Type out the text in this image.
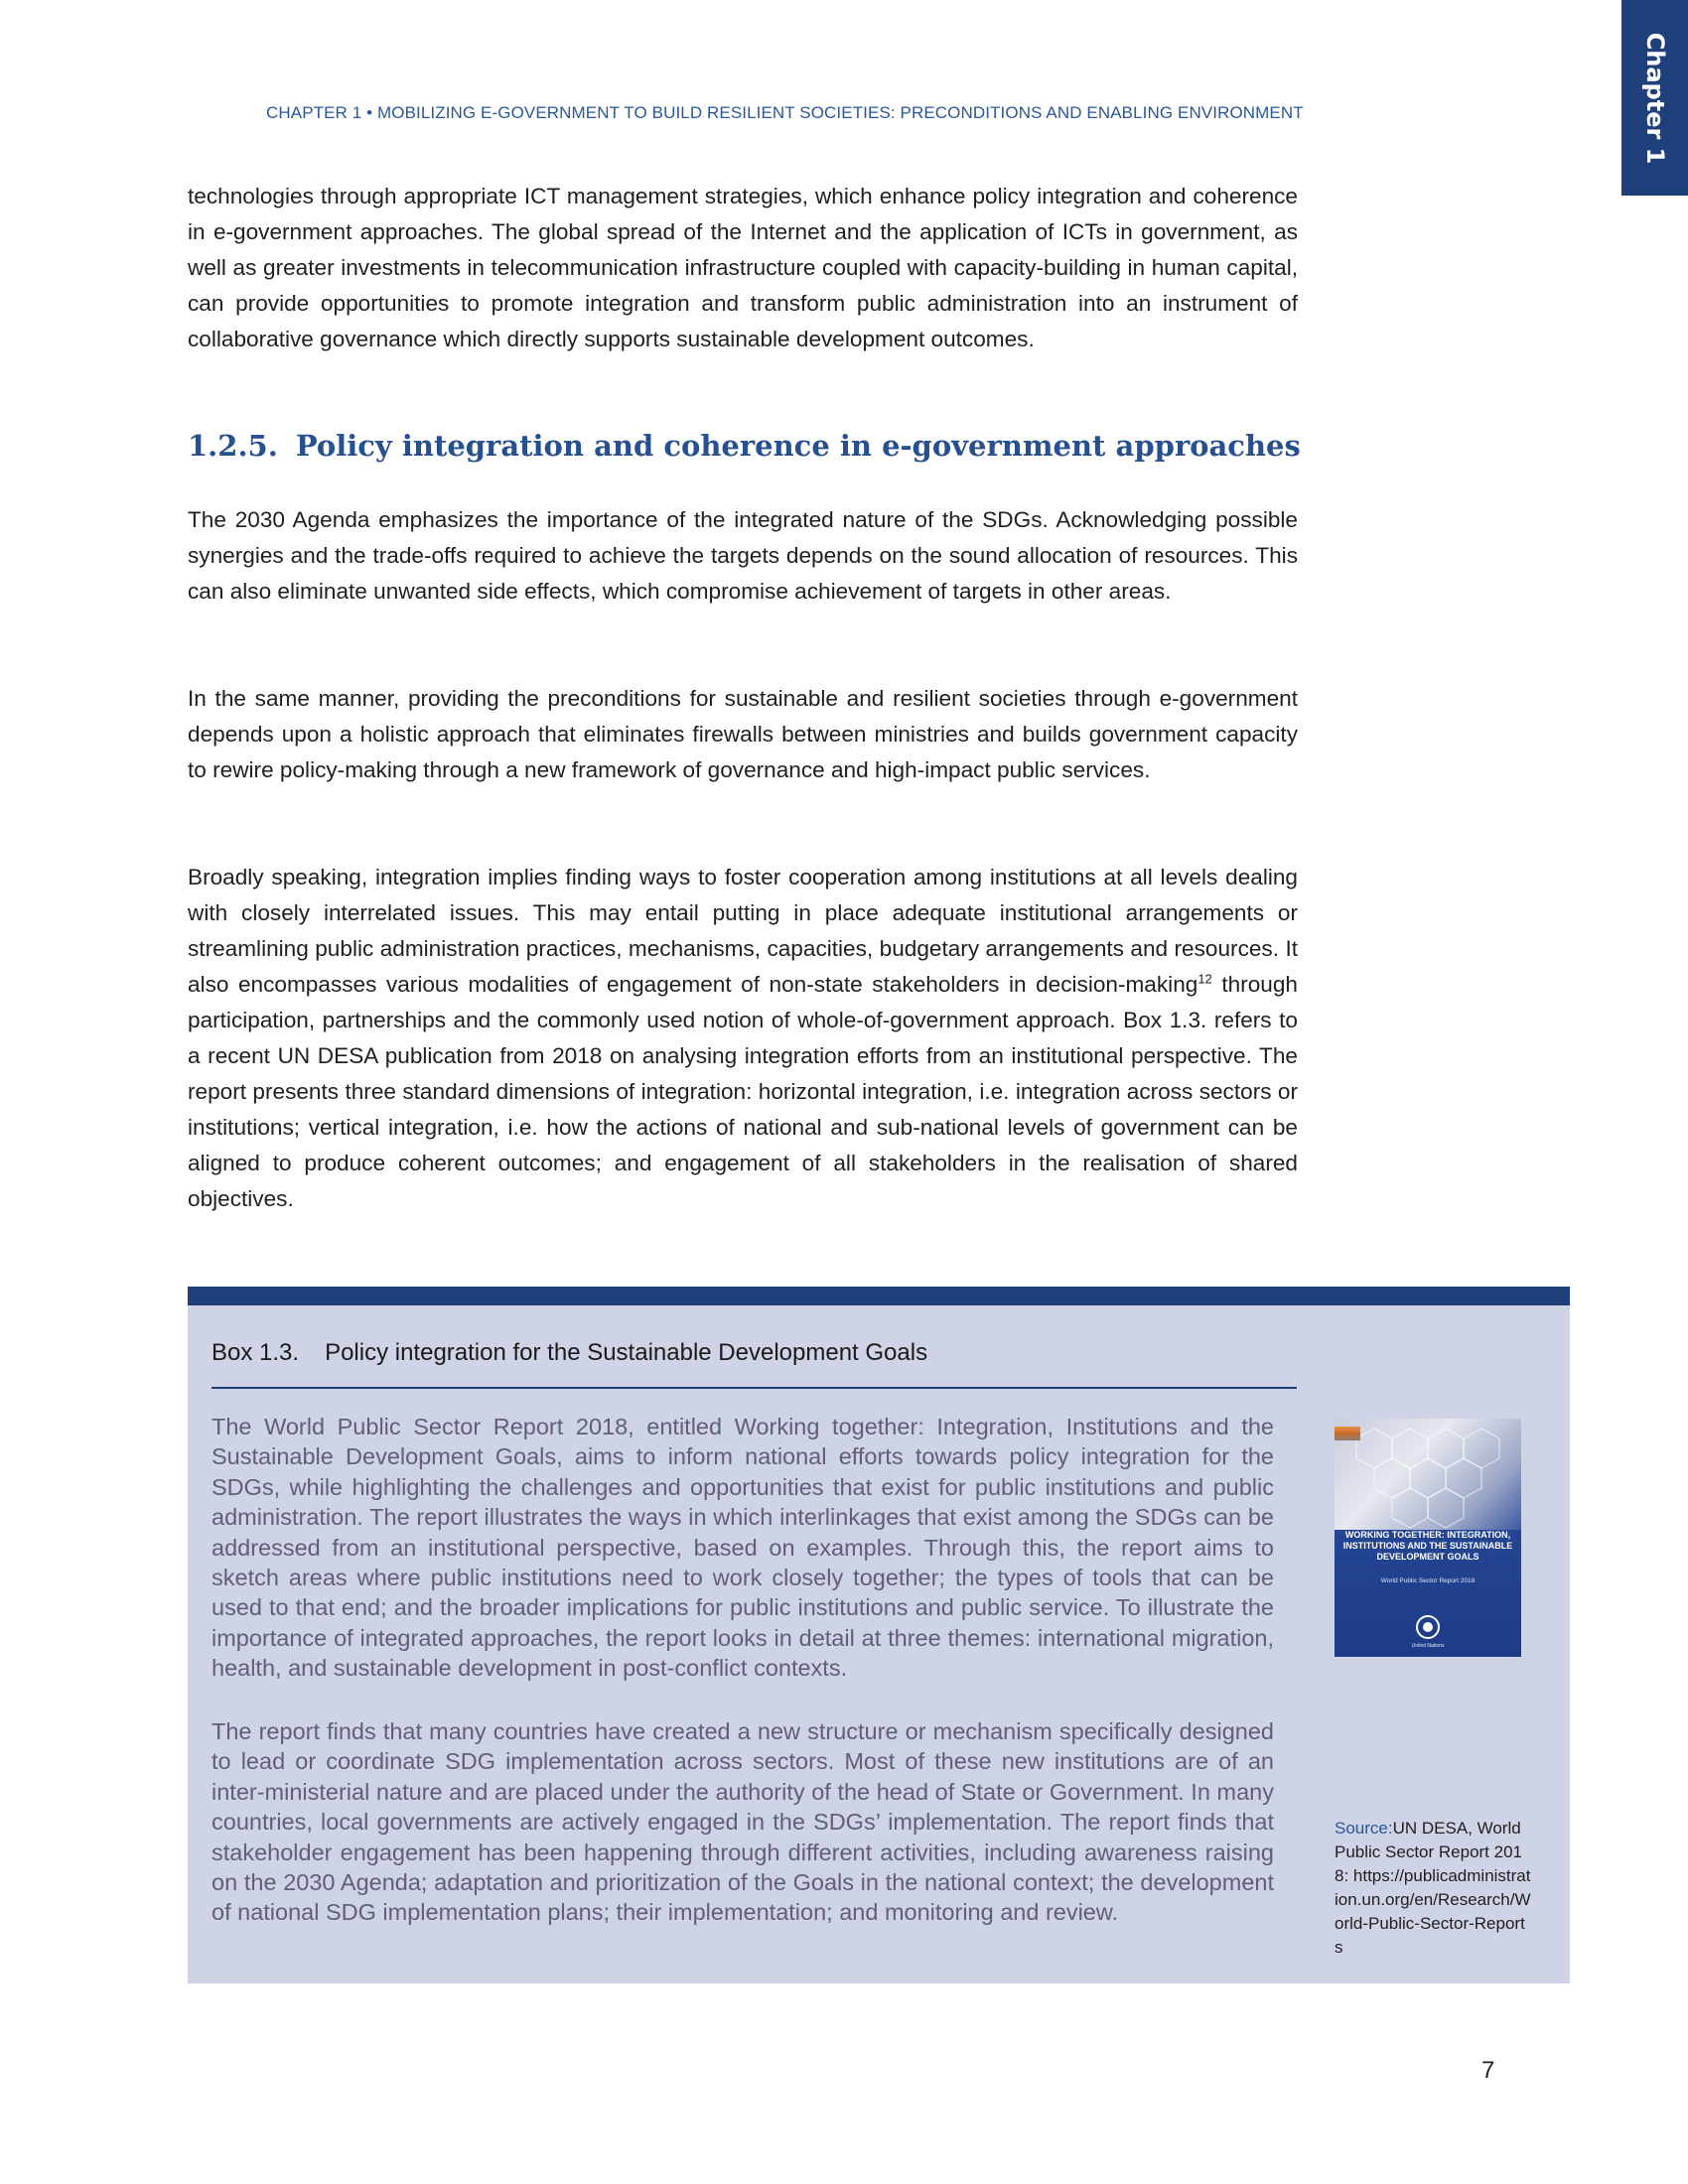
Chapter 1
CHAPTER 1 • MOBILIZING E-GOVERNMENT TO BUILD RESILIENT SOCIETIES: PRECONDITIONS AND ENABLING ENVIRONMENT

technologies through appropriate ICT management strategies, which enhance policy integration and coherence in e-government approaches. The global spread of the Internet and the application of ICTs in government, as well as greater investments in telecommunication infrastructure coupled with capacity-building in human capital, can provide opportunities to promote integration and transform public administration into an instrument of collaborative governance which directly supports sustainable development outcomes.

1.2.5. Policy integration and coherence in e-government approaches

The 2030 Agenda emphasizes the importance of the integrated nature of the SDGs. Acknowledging possible synergies and the trade-offs required to achieve the targets depends on the sound allocation of resources. This can also eliminate unwanted side effects, which compromise achievement of targets in other areas.

In the same manner, providing the preconditions for sustainable and resilient societies through e-government depends upon a holistic approach that eliminates firewalls between ministries and builds government capacity to rewire policy-making through a new framework of governance and high-impact public services.

Broadly speaking, integration implies finding ways to foster cooperation among institutions at all levels dealing with closely interrelated issues. This may entail putting in place adequate institutional arrangements or streamlining public administration practices, mechanisms, capacities, budgetary arrangements and resources. It also encompasses various modalities of engagement of non-state stakeholders in decision-making$^{12}$ through participation, partnerships and the commonly used notion of whole-of-government approach. Box 1.3. refers to a recent UN DESA publication from 2018 on analysing integration efforts from an institutional perspective. The report presents three standard dimensions of integration: horizontal integration, i.e. integration across sectors or institutions; vertical integration, i.e. how the actions of national and sub-national levels of government can be aligned to produce coherent outcomes; and engagement of all stakeholders in the realisation of shared objectives.

Box 1.3. Policy integration for the Sustainable Development Goals

The World Public Sector Report 2018, entitled Working together: Integration, Institutions and the Sustainable Development Goals, aims to inform national efforts towards policy integration for the SDGs, while highlighting the challenges and opportunities that exist for public institutions and public administration. The report illustrates the ways in which interlinkages that exist among the SDGs can be addressed from an institutional perspective, based on examples. Through this, the report aims to sketch areas where public institutions need to work closely together; the types of tools that can be used to that end; and the broader implications for public institutions and public service. To illustrate the importance of integrated approaches, the report looks in detail at three themes: international migration, health, and sustainable development in post-conflict contexts.

The report finds that many countries have created a new structure or mechanism specifically designed to lead or coordinate SDG implementation across sectors. Most of these new institutions are of an inter-ministerial nature and are placed under the authority of the head of State or Government. In many countries, local governments are actively engaged in the SDGs’ implementation. The report finds that stakeholder engagement has been happening through different activities, including awareness raising on the 2030 Agenda; adaptation and prioritization of the Goals in the national context; the development of national SDG implementation plans; their implementation; and monitoring and review.

WORKING TOGETHER: INTEGRATION, INSTITUTIONS AND THE SUSTAINABLE DEVELOPMENT GOALS
World Public Sector Report 2018
United Nations
Source:UN DESA, World Public Sector Report 2018: https://publicadministration.un.org/en/Research/World-Public-Sector-Reports
7
